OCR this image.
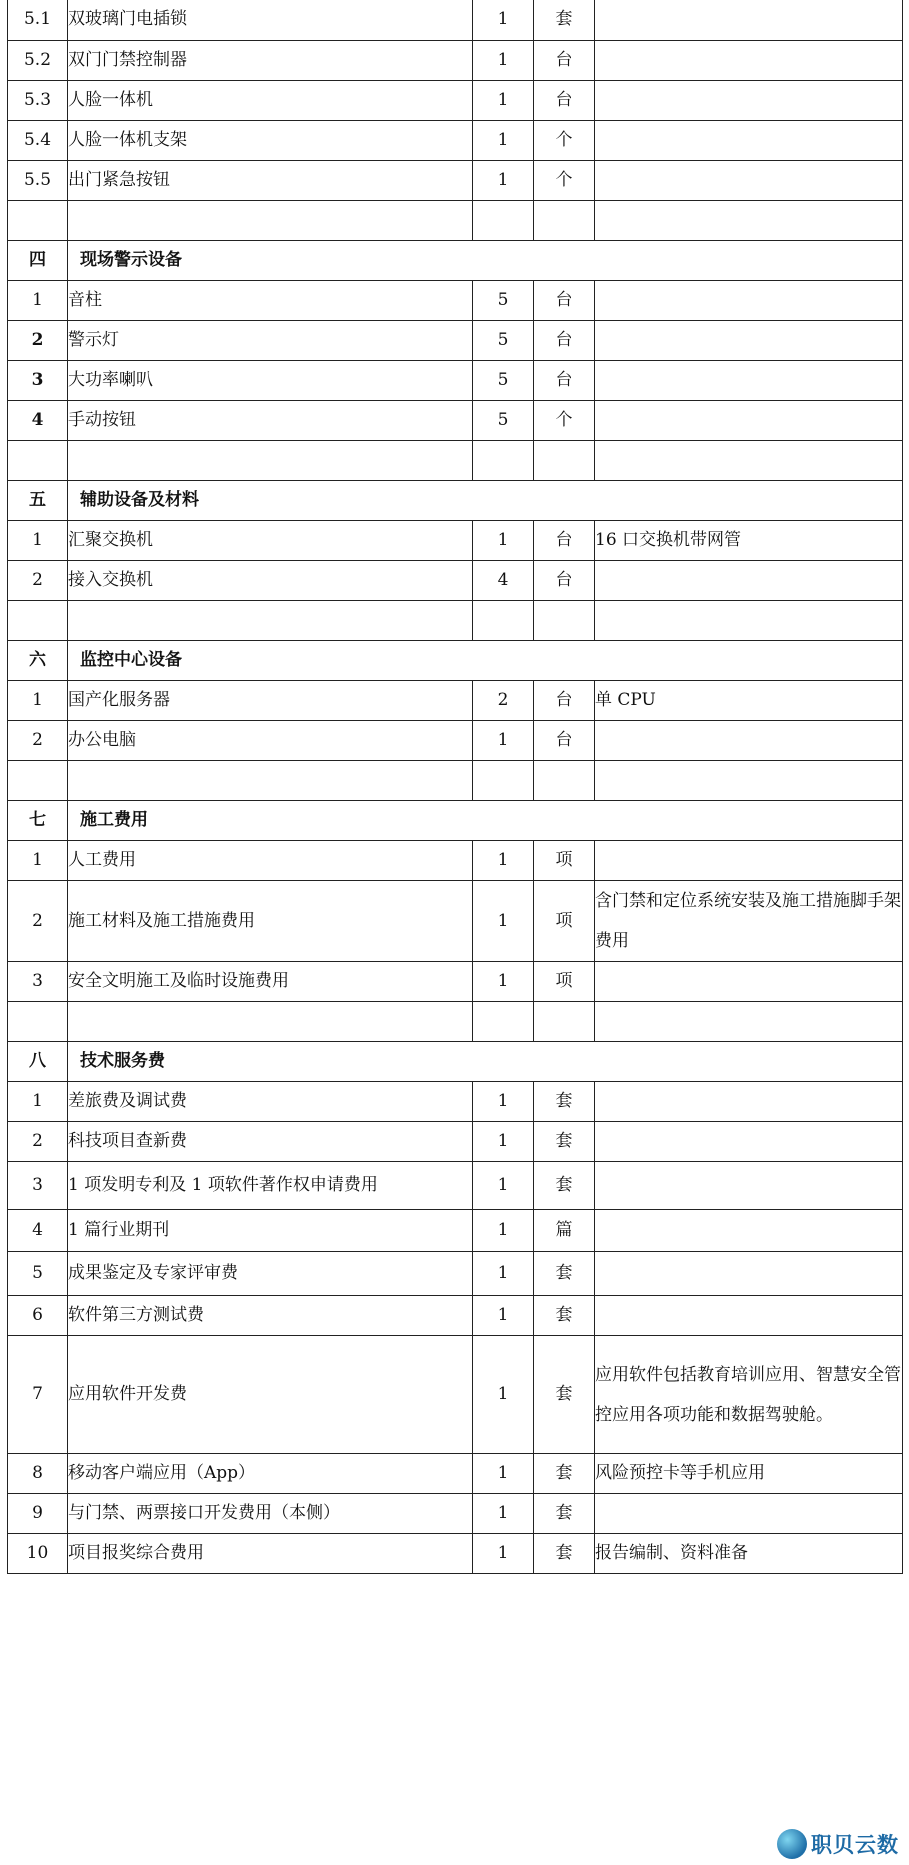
5.1	双玻璃门电插锁	1	套	
5.2	双门门禁控制器	1	台	
5.3	人脸一体机	1	台	
5.4	人脸一体机支架	1	个	
5.5	出门紧急按钮	1	个	

四	现场警示设备			
1	音柱	5	台	
2	警示灯	5	台	
3	大功率喇叭	5	台	
4	手动按钮	5	个	

五	辅助设备及材料			
1	汇聚交换机	1	台	16 口交换机带网管
2	接入交换机	4	台	

六	监控中心设备			
1	国产化服务器	2	台	单 CPU
2	办公电脑	1	台	

七	施工费用			
1	人工费用	1	项	
2	施工材料及施工措施费用	1	项	含门禁和定位系统安装及施工措施脚手架费用
3	安全文明施工及临时设施费用	1	项	

八	技术服务费			
1	差旅费及调试费	1	套	
2	科技项目查新费	1	套	
3	1 项发明专利及 1 项软件著作权申请费用	1	套	
4	1 篇行业期刊	1	篇	
5	成果鉴定及专家评审费	1	套	
6	软件第三方测试费	1	套	
7	应用软件开发费	1	套	应用软件包括教育培训应用、智慧安全管控应用各项功能和数据驾驶舱。
8	移动客户端应用（App）	1	套	风险预控卡等手机应用
9	与门禁、两票接口开发费用（本侧）	1	套	
10	项目报奖综合费用	1	套	报告编制、资料准备
职贝云数
